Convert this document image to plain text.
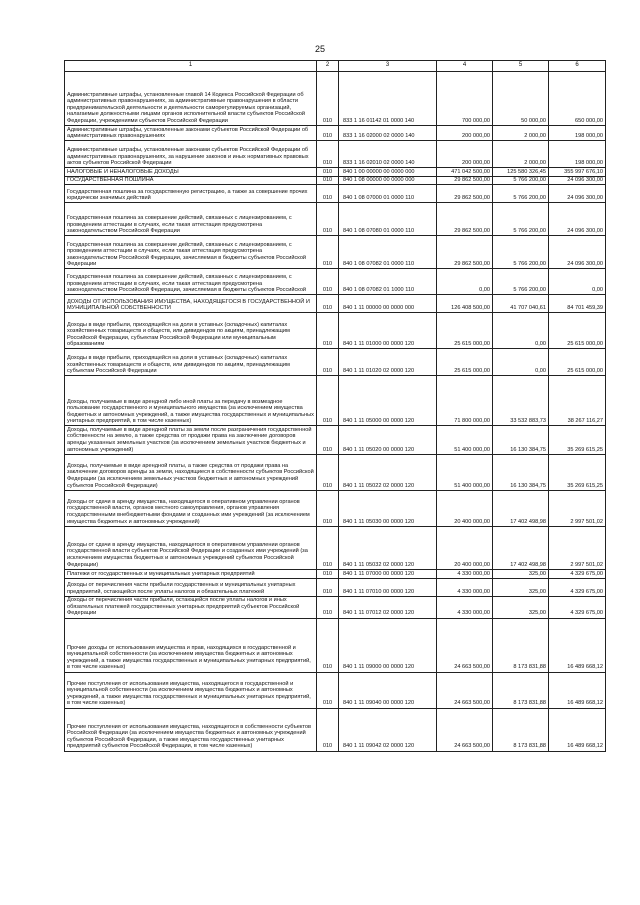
25
1	2	3	4	5	6
Административные штрафы, установленные главой 14 Кодекса Российской Федерации об административных правонарушениях, за административные правонарушения в области предпринимательской деятельности и деятельности саморегулируемых организаций, налагаемые должностными лицами органов исполнительной власти субъектов Российской Федерации, учреждениями субъектов Российской Федерации	010	833 1 16 01142 01 0000 140	700 000,00	50 000,00	650 000,00
Административные штрафы, установленные законами субъектов Российской Федерации об административных правонарушениях	010	833 1 16 02000 02 0000 140	200 000,00	2 000,00	198 000,00
Административные штрафы, установленные законами субъектов Российской Федерации об административных правонарушениях, за нарушение законов и иных нормативных правовых актов субъектов Российской Федерации	010	833 1 16 02010 02 0000 140	200 000,00	2 000,00	198 000,00
НАЛОГОВЫЕ И НЕНАЛОГОВЫЕ ДОХОДЫ	010	840 1 00 00000 00 0000 000	471 042 500,00	125 580 326,45	355 997 676,10
ГОСУДАРСТВЕННАЯ ПОШЛИНА	010	840 1 08 00000 00 0000 000	29 862 500,00	5 766 200,00	24 096 300,00
Государственная пошлина за государственную регистрацию, а также за совершение прочих юридически значимых действий	010	840 1 08 07000 01 0000 110	29 862 500,00	5 766 200,00	24 096 300,00
Государственная пошлина за совершение действий, связанных с лицензированием, с проведением аттестации в случаях, если такая аттестация предусмотрена законодательством Российской Федерации	010	840 1 08 07080 01 0000 110	29 862 500,00	5 766 200,00	24 096 300,00
Государственная пошлина за совершение действий, связанных с лицензированием, с проведением аттестации в случаях, если такая аттестация предусмотрена законодательством Российской Федерации, зачисляемая в бюджеты субъектов Российской Федерации	010	840 1 08 07082 01 0000 110	29 862 500,00	5 766 200,00	24 096 300,00
Государственная пошлина за совершение действий, связанных с лицензированием, с проведением аттестации в случаях, если такая аттестация предусмотрена законодательством Российской Федерации, зачисляемая в бюджеты субъектов Российской	010	840 1 08 07082 01 1000 110	0,00	5 766 200,00	0,00
ДОХОДЫ ОТ ИСПОЛЬЗОВАНИЯ ИМУЩЕСТВА, НАХОДЯЩЕГОСЯ В ГОСУДАРСТВЕННОЙ И МУНИЦИПАЛЬНОЙ СОБСТВЕННОСТИ	010	840 1 11 00000 00 0000 000	126 408 500,00	41 707 040,61	84 701 459,39
Доходы в виде прибыли, приходящейся на доли в уставных (складочных) капиталах хозяйственных товариществ и обществ, или дивидендов по акциям, принадлежащим Российской Федерации, субъектам Российской Федерации или муниципальным образованиям	010	840 1 11 01000 00 0000 120	25 615 000,00	0,00	25 615 000,00
Доходы в виде прибыли, приходящейся на доли в уставных (складочных) капиталах хозяйственных товариществ и обществ, или дивидендов по акциям, принадлежащим субъектам Российской Федерации	010	840 1 11 01020 02 0000 120	25 615 000,00	0,00	25 615 000,00
Доходы, получаемые в виде арендной либо иной платы за передачу в возмездное пользование государственного и муниципального имущества (за исключением имущества бюджетных и автономных учреждений, а также имущества государственных и муниципальных унитарных предприятий, в том числе казенных)	010	840 1 11 05000 00 0000 120	71 800 000,00	33 532 883,73	38 267 116,27
Доходы, получаемые в виде арендной платы за земли после разграничения государственной собственности на землю, а также средства от продажи права на заключение договоров аренды указанных земельных участков (за исключением земельных участков бюджетных и автономных учреждений)	010	840 1 11 05020 00 0000 120	51 400 000,00	16 130 384,75	35 269 615,25
Доходы, получаемые в виде арендной платы, а также средства от продажи права на заключение договоров аренды за земли, находящиеся в собственности субъектов Российской Федерации (за исключением земельных участков бюджетных и автономных учреждений субъектов Российской Федерации)	010	840 1 11 05022 02 0000 120	51 400 000,00	16 130 384,75	35 269 615,25
Доходы от сдачи в аренду имущества, находящегося в оперативном управлении органов государственной власти, органов местного самоуправления, органов управления государственными внебюджетными фондами и созданных ими учреждений (за исключением имущества бюджетных и автономных учреждений)	010	840 1 11 05030 00 0000 120	20 400 000,00	17 402 498,98	2 997 501,02
Доходы от сдачи в аренду имущества, находящегося в оперативном управлении органов государственной власти субъектов Российской Федерации и созданных ими учреждений (за исключением имущества бюджетных и автономных учреждений субъектов Российской Федерации)	010	840 1 11 05032 02 0000 120	20 400 000,00	17 402 498,98	2 997 501,02
Платежи от государственных и муниципальных унитарных предприятий	010	840 1 11 07000 00 0000 120	4 330 000,00	325,00	4 329 675,00
Доходы от перечисления части прибыли государственных и муниципальных унитарных предприятий, остающейся после уплаты налогов и обязательных платежей	010	840 1 11 07010 00 0000 120	4 330 000,00	325,00	4 329 675,00
Доходы от перечисления части прибыли, остающейся после уплаты налогов и иных обязательных платежей государственных унитарных предприятий субъектов Российской Федерации	010	840 1 11 07012 02 0000 120	4 330 000,00	325,00	4 329 675,00
Прочие доходы от использования имущества и прав, находящихся в государственной и муниципальной собственности (за исключением имущества бюджетных и автономных учреждений, а также имущества государственных и муниципальных унитарных предприятий, в том числе казенных)	010	840 1 11 09000 00 0000 120	24 663 500,00	8 173 831,88	16 489 668,12
Прочие поступления от использования имущества, находящегося в государственной и муниципальной собственности (за исключением имущества бюджетных и автономных учреждений, а также имущества государственных и муниципальных унитарных предприятий, в том числе казенных)	010	840 1 11 09040 00 0000 120	24 663 500,00	8 173 831,88	16 489 668,12
Прочие поступления от использования имущества, находящегося в собственности субъектов Российской Федерации (за исключением имущества бюджетных и автономных учреждений субъектов Российской Федерации, а также имущества государственных унитарных предприятий субъектов Российской Федерации, в том числе казенных)	010	840 1 11 09042 02 0000 120	24 663 500,00	8 173 831,88	16 489 668,12
